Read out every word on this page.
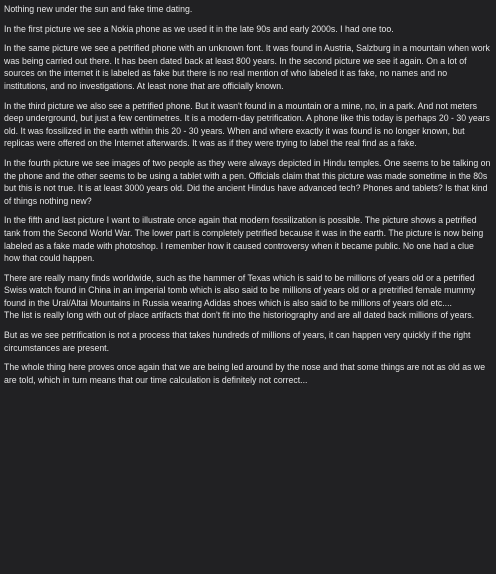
Nothing new under the sun and fake time dating.

In the first picture we see a Nokia phone as we used it in the late 90s and early 2000s. I had one too.

In the same picture we see a petrified phone with an unknown font. It was found in Austria, Salzburg in a mountain when work was being carried out there. It has been dated back at least 800 years. In the second picture we see it again. On a lot of sources on the internet it is labeled as fake but there is no real mention of who labeled it as fake, no names and no institutions, and no investigations. At least none that are officially known.

In the third picture we also see a petrified phone. But it wasn't found in a mountain or a mine, no, in a park. And not meters deep underground, but just a few centimetres. It is a modern-day petrification. A phone like this today is perhaps 20 - 30 years old. It was fossilized in the earth within this 20 - 30 years. When and where exactly it was found is no longer known, but replicas were offered on the Internet afterwards. It was as if they were trying to label the real find as a fake.

In the fourth picture we see images of two people as they were always depicted in Hindu temples. One seems to be talking on the phone and the other seems to be using a tablet with a pen. Officials claim that this picture was made sometime in the 80s but this is not true. It is at least 3000 years old. Did the ancient Hindus have advanced tech? Phones and tablets? Is that kind of things nothing new?

In the fifth and last picture I want to illustrate once again that modern fossilization is possible. The picture shows a petrified tank from the Second World War. The lower part is completely petrified because it was in the earth. The picture is now being labeled as a fake made with photoshop. I remember how it caused controversy when it became public. No one had a clue how that could happen.

There are really many finds worldwide, such as the hammer of Texas which is said to be millions of years old or a petrified Swiss watch found in China in an imperial tomb which is also said to be millions of years old or a pretrified female mummy found in the Ural/Altai Mountains in Russia wearing Adidas shoes which is also said to be millions of years old etc....

The list is really long with out of place artifacts that don't fit into the historiography and are all dated back millions of years.

But as we see petrification is not a process that takes hundreds of millions of years, it can happen very quickly if the right circumstances are present.

The whole thing here proves once again that we are being led around by the nose and that some things are not as old as we are told, which in turn means that our time calculation is definitely not correct...
